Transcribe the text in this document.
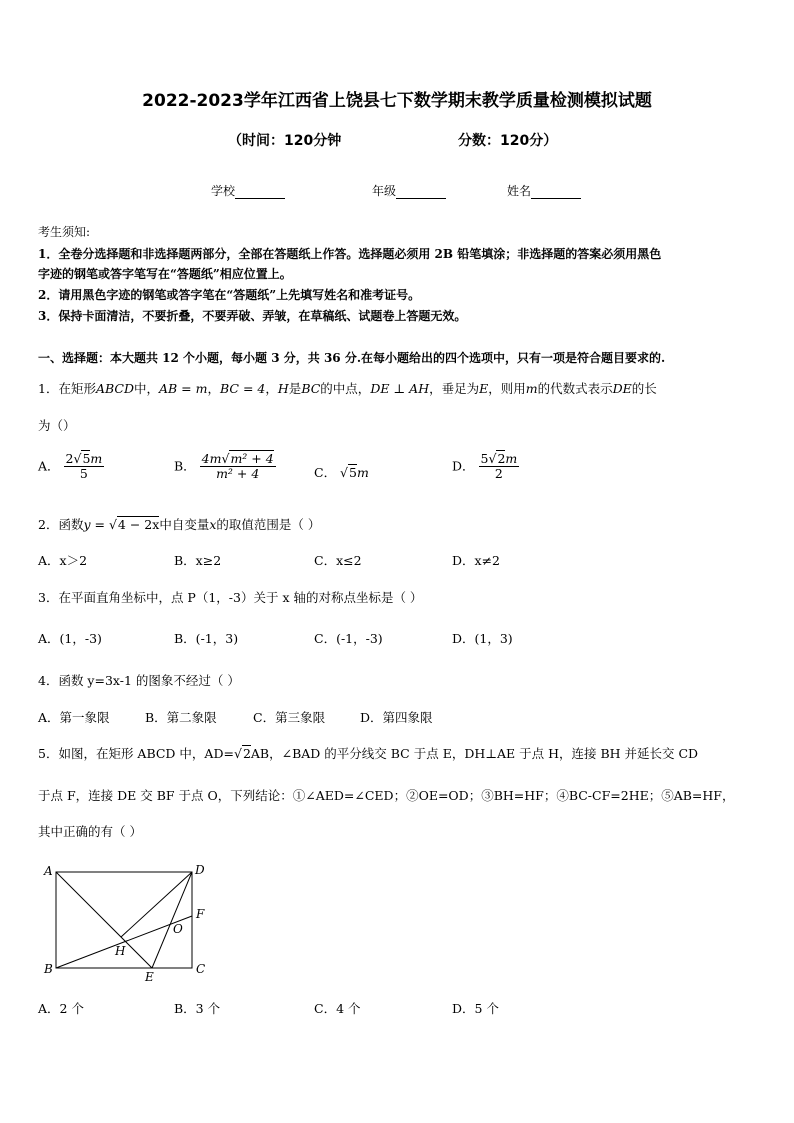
2022-2023学年江西省上饶县七下数学期末教学质量检测模拟试题
（时间：120分钟	分数：120分）
学校	年级	姓名
考生须知:
1．全卷分选择题和非选择题两部分，全部在答题纸上作答。选择题必须用 2B 铅笔填涂；非选择题的答案必须用黑色
字迹的钢笔或答字笔写在“答题纸”相应位置上。
2．请用黑色字迹的钢笔或答字笔在“答题纸”上先填写姓名和准考证号。
3．保持卡面清洁，不要折叠，不要弄破、弄皱，在草稿纸、试题卷上答题无效。
一、选择题：本大题共 12 个小题，每小题 3 分，共 36 分.在每小题给出的四个选项中，只有一项是符合题目要求的.
1．在矩形ABCD中，AB = m，BC = 4，H是BC的中点，DE ⊥ AH，垂足为E，则用m的代数式表示DE的长
为（）
A． $\frac{2√5m}{5}$	B． $\frac{\text{4m√m² + 4}}{\text{m² + 4}}$	C． √5m	D． $\frac{5√2m}{2}$
2．函数y = √4 − 2x中自变量x的取值范围是（ ）
A．x＞2	B．x≥2	C．x≤2	D．x≠2
3．在平面直角坐标中，点 P（1，-3）关于 x 轴的对称点坐标是（ ）
A．(1，-3)	B．(-1，3)	C．(-1，-3)	D．(1，3)
4．函数 y=3x-1 的图象不经过（ ）
A．第一象限	B．第二象限	C．第三象限	D．第四象限
5．如图，在矩形 ABCD 中，AD=√2AB，∠BAD 的平分线交 BC 于点 E，DH⊥AE 于点 H，连接 BH 并延长交 CD
于点 F，连接 DE 交 BF 于点 O，下列结论：①∠AED=∠CED；②OE=OD；③BH=HF；④BC-CF=2HE；⑤AB=HF，
其中正确的有（ ）
A
B	C
D
E
F
H
O
A．2 个	B．3 个	C．4 个	D．5 个
